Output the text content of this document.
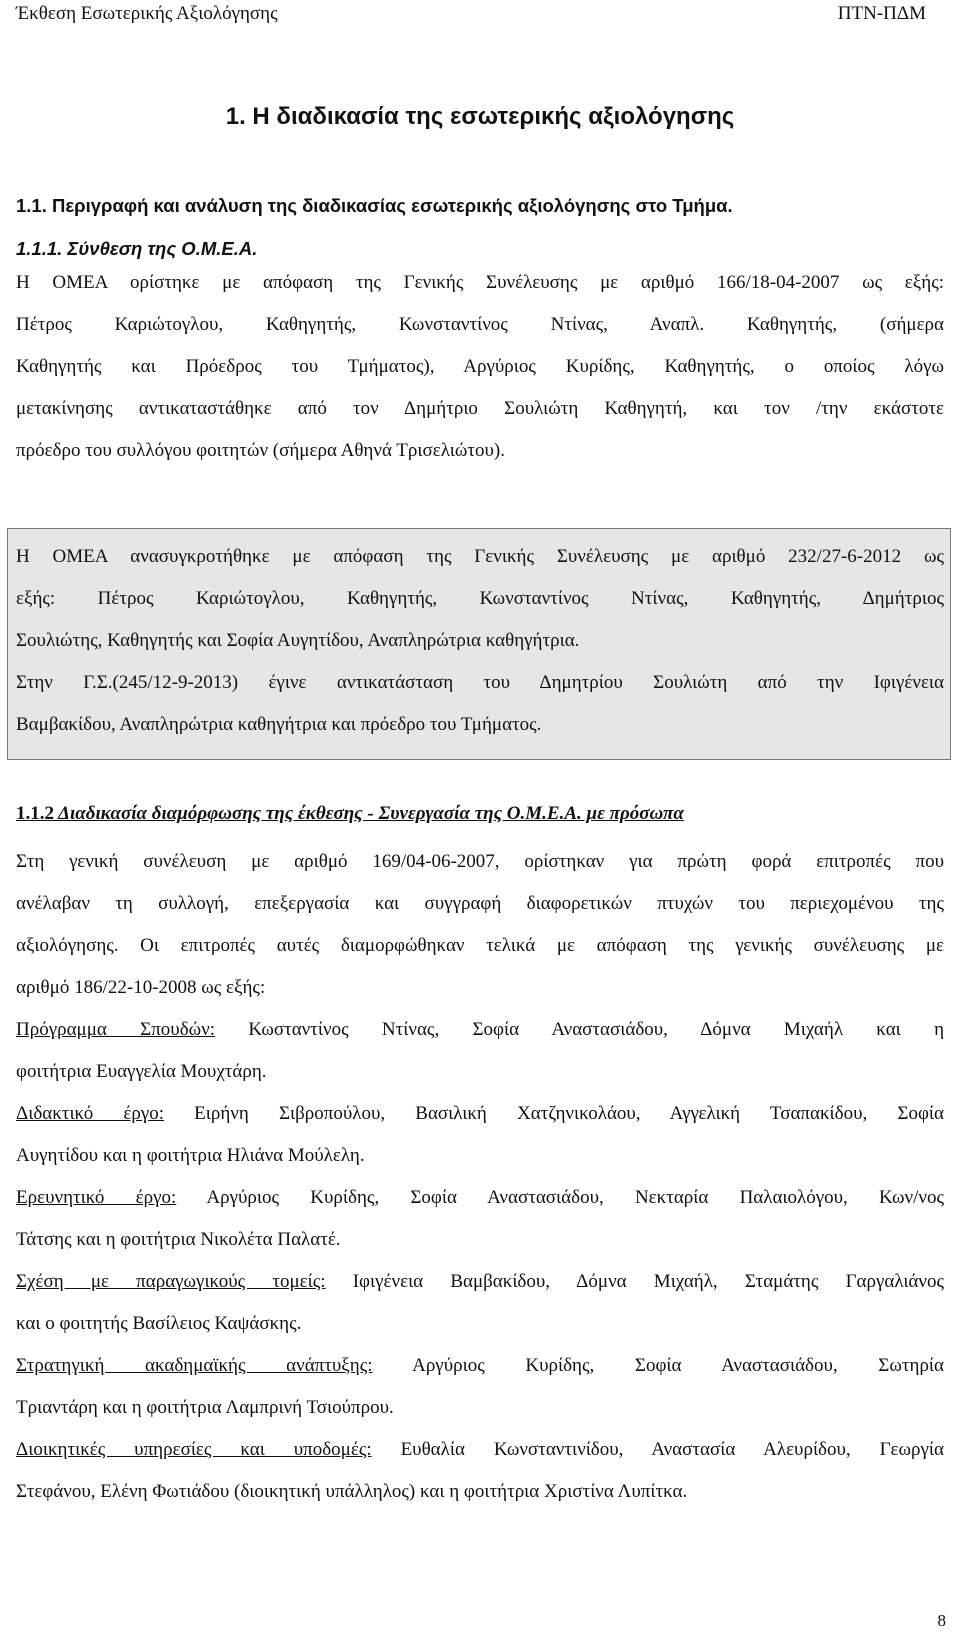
Έκθεση Εσωτερικής Αξιολόγησης	ΠΤΝ-ΠΔΜ
1. Η διαδικασία της εσωτερικής αξιολόγησης
1.1. Περιγραφή και ανάλυση της διαδικασίας εσωτερικής αξιολόγησης στο Τμήμα.
1.1.1. Σύνθεση της Ο.Μ.Ε.Α.
Η ΟΜΕΑ ορίστηκε με απόφαση της Γενικής Συνέλευσης με αριθμό 166/18-04-2007 ως εξής:
Πέτρος Καριώτογλου, Καθηγητής, Κωνσταντίνος Ντίνας, Αναπλ. Καθηγητής, (σήμερα
Καθηγητής και Πρόεδρος του Τμήματος), Αργύριος Κυρίδης, Καθηγητής, ο οποίος λόγω
μετακίνησης αντικαταστάθηκε από τον Δημήτριο Σουλιώτη Καθηγητή, και τον /την εκάστοτε
πρόεδρο του συλλόγου φοιτητών (σήμερα Αθηνά Τρισελιώτου).
Η ΟΜΕΑ ανασυγκροτήθηκε με απόφαση της Γενικής Συνέλευσης με αριθμό 232/27-6-2012 ως
εξής: Πέτρος Καριώτογλου, Καθηγητής, Κωνσταντίνος Ντίνας, Καθηγητής, Δημήτριος
Σουλιώτης, Καθηγητής και Σοφία Αυγητίδου, Αναπληρώτρια καθηγήτρια.
Στην Γ.Σ.(245/12-9-2013) έγινε αντικατάσταση του Δημητρίου Σουλιώτη από την Ιφιγένεια
Βαμβακίδου, Αναπληρώτρια καθηγήτρια και πρόεδρο του Τμήματος.
1.1.2 Διαδικασία διαμόρφωσης της έκθεσης - Συνεργασία της Ο.Μ.Ε.Α. με πρόσωπα
Στη γενική συνέλευση με αριθμό 169/04-06-2007, ορίστηκαν για πρώτη φορά επιτροπές που
ανέλαβαν τη συλλογή, επεξεργασία και συγγραφή διαφορετικών πτυχών του περιεχομένου της
αξιολόγησης. Οι επιτροπές αυτές διαμορφώθηκαν τελικά με απόφαση της γενικής συνέλευσης με
αριθμό 186/22-10-2008 ως εξής:
Πρόγραμμα Σπουδών: Κωσταντίνος Ντίνας, Σοφία Αναστασιάδου, Δόμνα Μιχαήλ και η
φοιτήτρια Ευαγγελία Μουχτάρη.
Διδακτικό έργο: Ειρήνη Σιβροπούλου, Βασιλική Χατζηνικολάου, Αγγελική Τσαπακίδου, Σοφία
Αυγητίδου και η φοιτήτρια Ηλιάνα Μούλελη.
Ερευνητικό έργο: Αργύριος Κυρίδης, Σοφία Αναστασιάδου, Νεκταρία Παλαιολόγου, Κων/νος
Τάτσης και η φοιτήτρια Νικολέτα Παλατέ.
Σχέση με παραγωγικούς τομείς: Ιφιγένεια Βαμβακίδου, Δόμνα Μιχαήλ, Σταμάτης Γαργαλιάνος
και ο φοιτητής Βασίλειος Καψάσκης.
Στρατηγική ακαδημαϊκής ανάπτυξης: Αργύριος Κυρίδης, Σοφία Αναστασιάδου, Σωτηρία
Τριαντάρη και η φοιτήτρια Λαμπρινή Τσιούπρου.
Διοικητικές υπηρεσίες και υποδομές: Ευθαλία Κωνσταντινίδου, Αναστασία Αλευρίδου, Γεωργία
Στεφάνου, Ελένη Φωτιάδου (διοικητική υπάλληλος) και η φοιτήτρια Χριστίνα Λυπίτκα.
8
